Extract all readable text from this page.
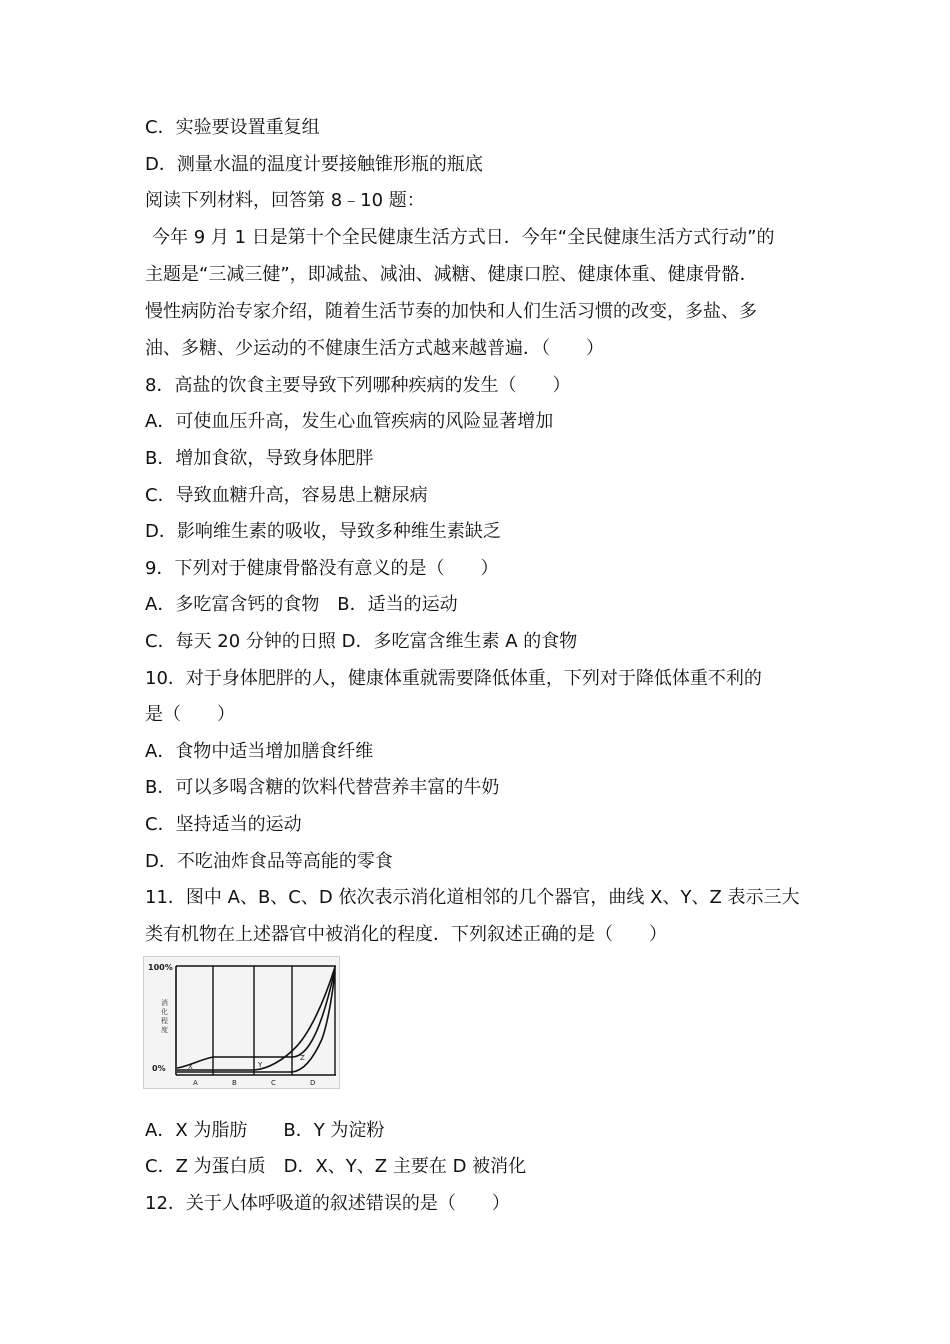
C．实验要设置重复组
D．测量水温的温度计要接触锥形瓶的瓶底
阅读下列材料，回答第 8﹣10 题：
今年 9 月 1 日是第十个全民健康生活方式日．今年“全民健康生活方式行动”的
主题是“三减三健”，即减盐、减油、减糖、健康口腔、健康体重、健康骨骼．
慢性病防治专家介绍，随着生活节奏的加快和人们生活习惯的改变，多盐、多
油、多糖、少运动的不健康生活方式越来越普遍．（　　）
8．高盐的饮食主要导致下列哪种疾病的发生（　　）
A．可使血压升高，发生心血管疾病的风险显著增加
B．增加食欲，导致身体肥胖
C．导致血糖升高，容易患上糖尿病
D．影响维生素的吸收，导致多种维生素缺乏
9．下列对于健康骨骼没有意义的是（　　）
A．多吃富含钙的食物　B．适当的运动
C．每天 20 分钟的日照 D．多吃富含维生素 A 的食物
10．对于身体肥胖的人，健康体重就需要降低体重，下列对于降低体重不利的
是（　　）
A．食物中适当增加膳食纤维
B．可以多喝含糖的饮料代替营养丰富的牛奶
C．坚持适当的运动
D．不吃油炸食品等高能的零食
11．图中 A、B、C、D 依次表示消化道相邻的几个器官，曲线 X、Y、Z 表示三大
类有机物在上述器官中被消化的程度．下列叙述正确的是（　　）
100%
0%
消
化
程
度
X	Y
Z
A	B	C	D
A．X 为脂肪　　B．Y 为淀粉
C．Z 为蛋白质　D．X、Y、Z 主要在 D 被消化
12．关于人体呼吸道的叙述错误的是（　　）
